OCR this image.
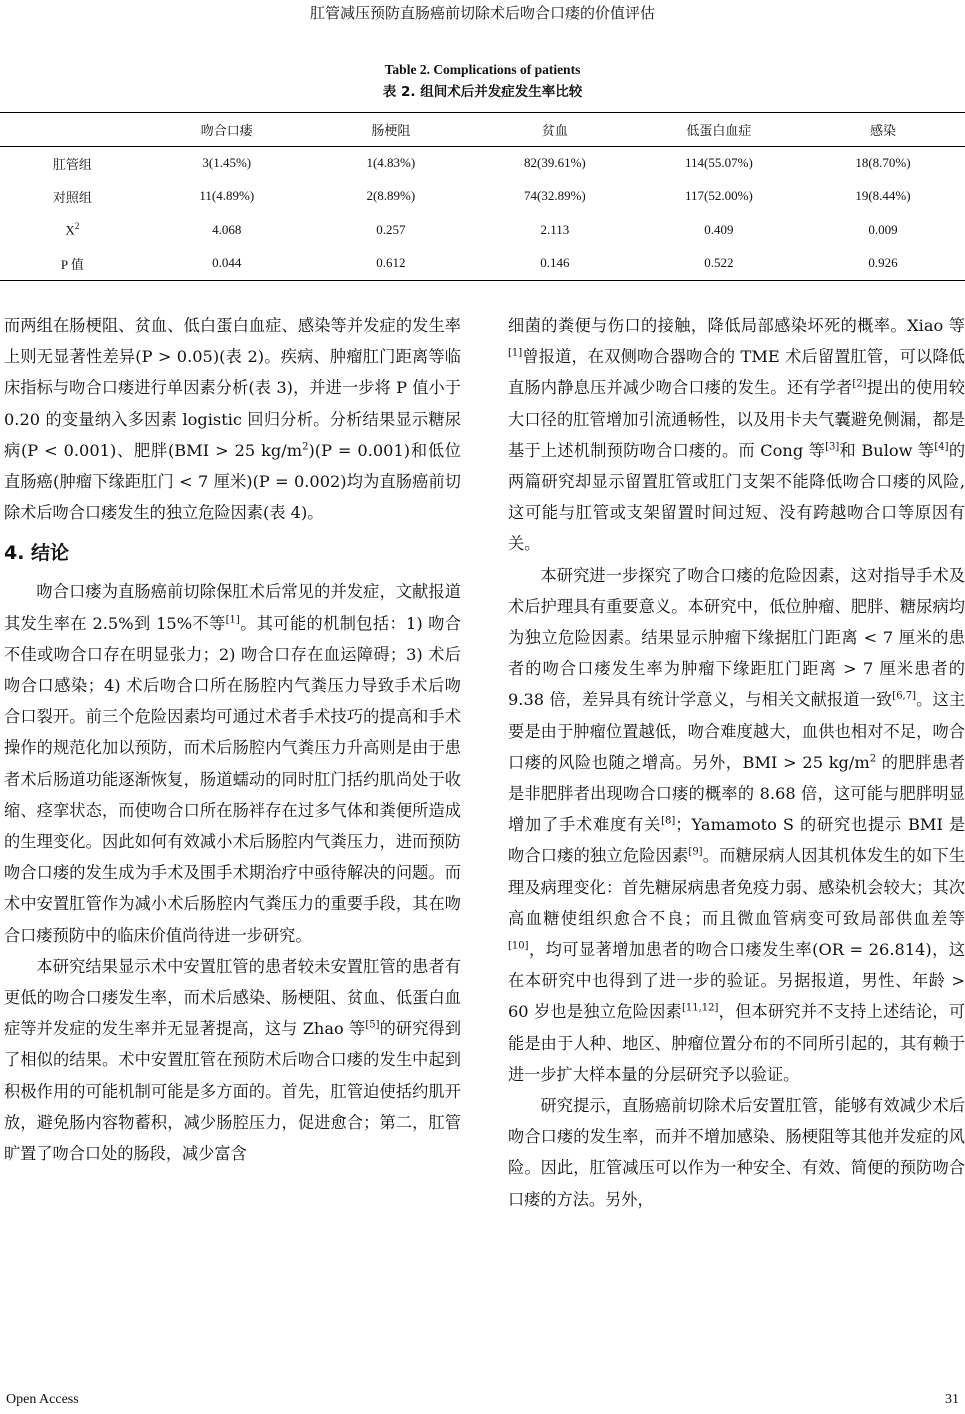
肛管减压预防直肠癌前切除术后吻合口瘘的价值评估
Table 2. Complications of patients
表 2. 组间术后并发症发生率比较
	吻合口瘘	肠梗阻	贫血	低蛋白血症	感染
肛管组	3(1.45%)	1(4.83%)	82(39.61%)	114(55.07%)	18(8.70%)
对照组	11(4.89%)	2(8.89%)	74(32.89%)	117(52.00%)	19(8.44%)
$X^2$	4.068	0.257	2.113	0.409	0.009
P 值	0.044	0.612	0.146	0.522	0.926

而两组在肠梗阻、贫血、低白蛋白血症、感染等并发症的发生率上则无显著性差异(P > 0.05)(表 2)。疾病、肿瘤肛门距离等临床指标与吻合口瘘进行单因素分析(表 3)，并进一步将 P 值小于 0.20 的变量纳入多因素 logistic 回归分析。分析结果显示糖尿病(P < 0.001)、肥胖(BMI > 25 $kg/m^2)(P = 0.001)$和低位直肠癌(肿瘤下缘距肛门 < 7 厘米)(P = 0.002)均为直肠癌前切除术后吻合口瘘发生的独立危险因素(表 4)。

4. 结论

吻合口瘘为直肠癌前切除保肛术后常见的并发症，文献报道其发生率在 2.5%到 15%不等[1]。其可能的机制包括：1) 吻合不佳或吻合口存在明显张力；2) 吻合口存在血运障碍；3) 术后吻合口感染；4) 术后吻合口所在肠腔内气粪压力导致手术后吻合口裂开。前三个危险因素均可通过术者手术技巧的提高和手术操作的规范化加以预防，而术后肠腔内气粪压力升高则是由于患者术后肠道功能逐渐恢复，肠道蠕动的同时肛门括约肌尚处于收缩、痉挛状态，而使吻合口所在肠袢存在过多气体和粪便所造成的生理变化。因此如何有效减小术后肠腔内气粪压力，进而预防吻合口瘘的发生成为手术及围手术期治疗中亟待解决的问题。而术中安置肛管作为减小术后肠腔内气粪压力的重要手段，其在吻合口瘘预防中的临床价值尚待进一步研究。

本研究结果显示术中安置肛管的患者较未安置肛管的患者有更低的吻合口瘘发生率，而术后感染、肠梗阻、贫血、低蛋白血症等并发症的发生率并无显著提高，这与 Zhao 等[5]的研究得到了相似的结果。术中安置肛管在预防术后吻合口瘘的发生中起到积极作用的可能机制可能是多方面的。首先，肛管迫使括约肌开放，避免肠内容物蓄积，减少肠腔压力，促进愈合；第二，肛管旷置了吻合口处的肠段，减少富含

细菌的粪便与伤口的接触，降低局部感染坏死的概率。Xiao 等[1]曾报道，在双侧吻合器吻合的 TME 术后留置肛管，可以降低直肠内静息压并减少吻合口瘘的发生。还有学者[2]提出的使用较大口径的肛管增加引流通畅性，以及用卡夫气囊避免侧漏，都是基于上述机制预防吻合口瘘的。而 Cong 等[3]和 Bulow 等[4]的两篇研究却显示留置肛管或肛门支架不能降低吻合口瘘的风险,这可能与肛管或支架留置时间过短、没有跨越吻合口等原因有关。

本研究进一步探究了吻合口瘘的危险因素，这对指导手术及术后护理具有重要意义。本研究中，低位肿瘤、肥胖、糖尿病均为独立危险因素。结果显示肿瘤下缘据肛门距离 < 7 厘米的患者的吻合口瘘发生率为肿瘤下缘距肛门距离 > 7 厘米患者的 9.38 倍，差异具有统计学意义，与相关文献报道一致[6,7]。这主要是由于肿瘤位置越低，吻合难度越大，血供也相对不足，吻合口瘘的风险也随之增高。另外，BMI > 25 $kg/m^2$ 的肥胖患者是非肥胖者出现吻合口瘘的概率的 8.68 倍，这可能与肥胖明显增加了手术难度有关[8]；Yamamoto S 的研究也提示 BMI 是吻合口瘘的独立危险因素[9]。而糖尿病人因其机体发生的如下生理及病理变化：首先糖尿病患者免疫力弱、感染机会较大；其次高血糖使组织愈合不良；而且微血管病变可致局部供血差等[10]，均可显著增加患者的吻合口瘘发生率(OR = 26.814)，这在本研究中也得到了进一步的验证。另据报道，男性、年龄 > 60 岁也是独立危险因素[11,12]，但本研究并不支持上述结论，可能是由于人种、地区、肿瘤位置分布的不同所引起的，其有赖于进一步扩大样本量的分层研究予以验证。

研究提示，直肠癌前切除术后安置肛管，能够有效减少术后吻合口瘘的发生率，而并不增加感染、肠梗阻等其他并发症的风险。因此，肛管减压可以作为一种安全、有效、简便的预防吻合口瘘的方法。另外，

Open Access	31
